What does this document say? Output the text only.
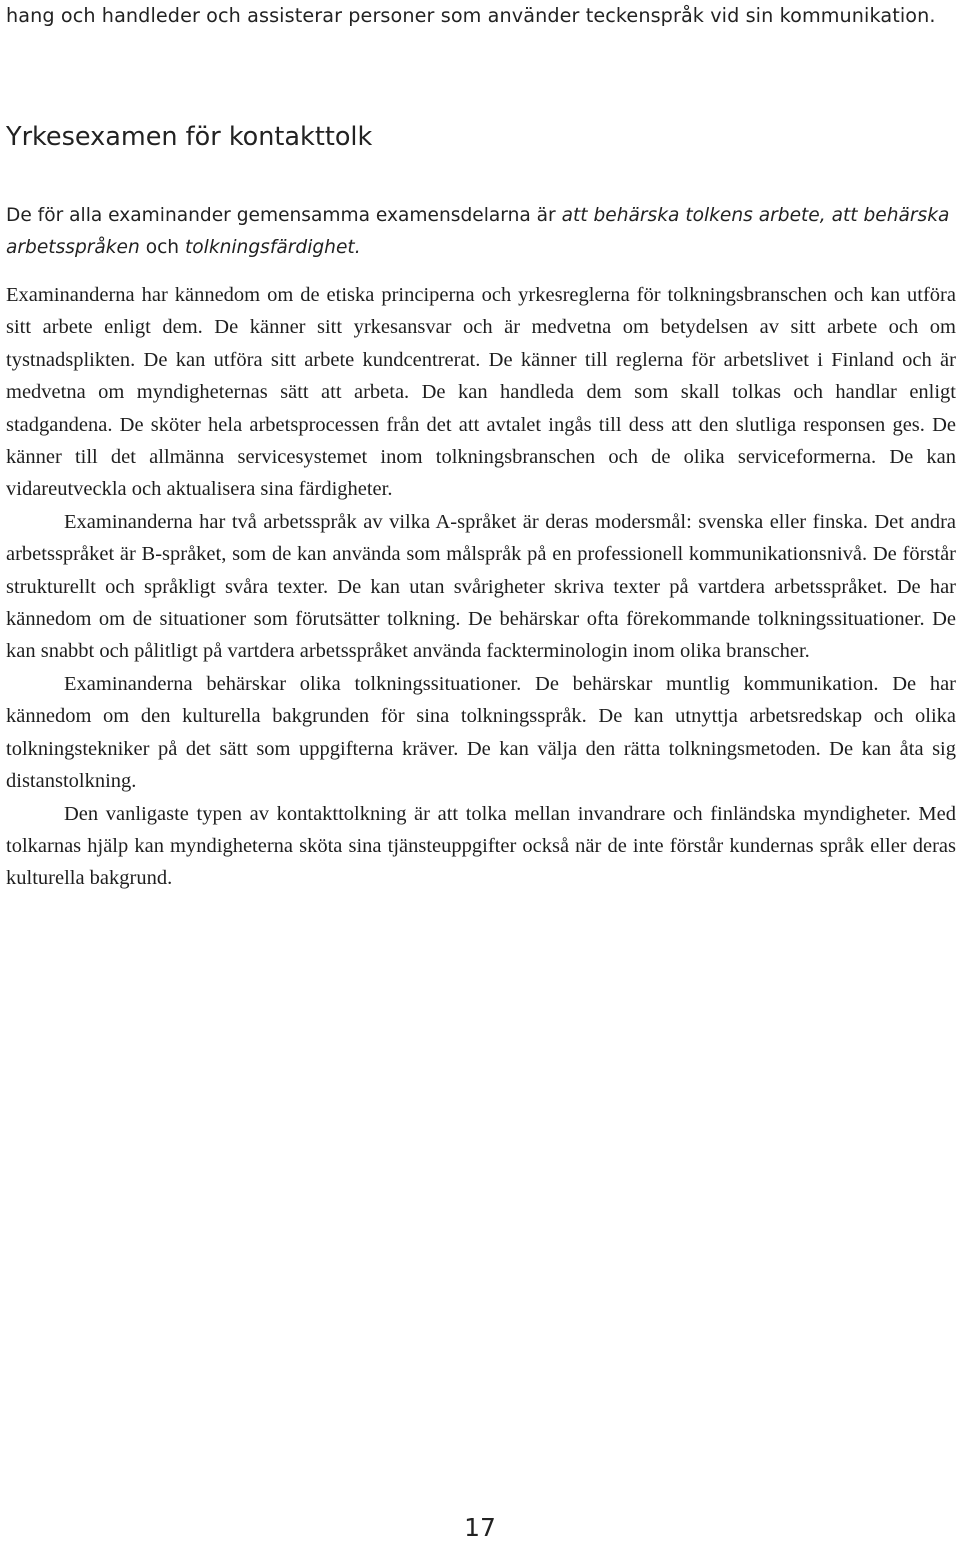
hang och handleder och assisterar personer som använder teckenspråk vid sin kommunikation.

Yrkesexamen för kontakttolk

De för alla examinander gemensamma examensdelarna är att behärska tolkens arbete, att behärska arbetsspråken och tolkningsfärdighet.

Examinanderna har kännedom om de etiska principerna och yrkesreglerna för tolkningsbranschen och kan utföra sitt arbete enligt dem. De känner sitt yrkesansvar och är medvetna om betydelsen av sitt arbete och om tystnadsplikten. De kan utföra sitt arbete kundcentrerat. De känner till reglerna för arbetslivet i Finland och är medvetna om myndigheternas sätt att arbeta. De kan handleda dem som skall tolkas och handlar enligt stadgandena. De sköter hela arbetsprocessen från det att avtalet ingås till dess att den slutliga responsen ges. De känner till det allmänna servicesystemet inom tolkningsbranschen och de olika serviceformerna. De kan vidareutveckla och aktualisera sina färdigheter.

Examinanderna har två arbetsspråk av vilka A-språket är deras modersmål: svenska eller finska. Det andra arbetsspråket är B-språket, som de kan använda som målspråk på en professionell kommunikationsnivå. De förstår strukturellt och språkligt svåra texter. De kan utan svårigheter skriva texter på vartdera arbetsspråket. De har kännedom om de situationer som förutsätter tolkning. De behärskar ofta förekommande tolkningssituationer. De kan snabbt och pålitligt på vartdera arbetsspråket använda fackterminologin inom olika branscher.

Examinanderna behärskar olika tolkningssituationer. De behärskar muntlig kommunikation. De har kännedom om den kulturella bakgrunden för sina tolkningsspråk. De kan utnyttja arbetsredskap och olika tolkningstekniker på det sätt som uppgifterna kräver. De kan välja den rätta tolkningsmetoden. De kan åta sig distanstolkning.

Den vanligaste typen av kontakttolkning är att tolka mellan invandrare och finländska myndigheter. Med tolkarnas hjälp kan myndigheterna sköta sina tjänsteuppgifter också när de inte förstår kundernas språk eller deras kulturella bakgrund.

17
